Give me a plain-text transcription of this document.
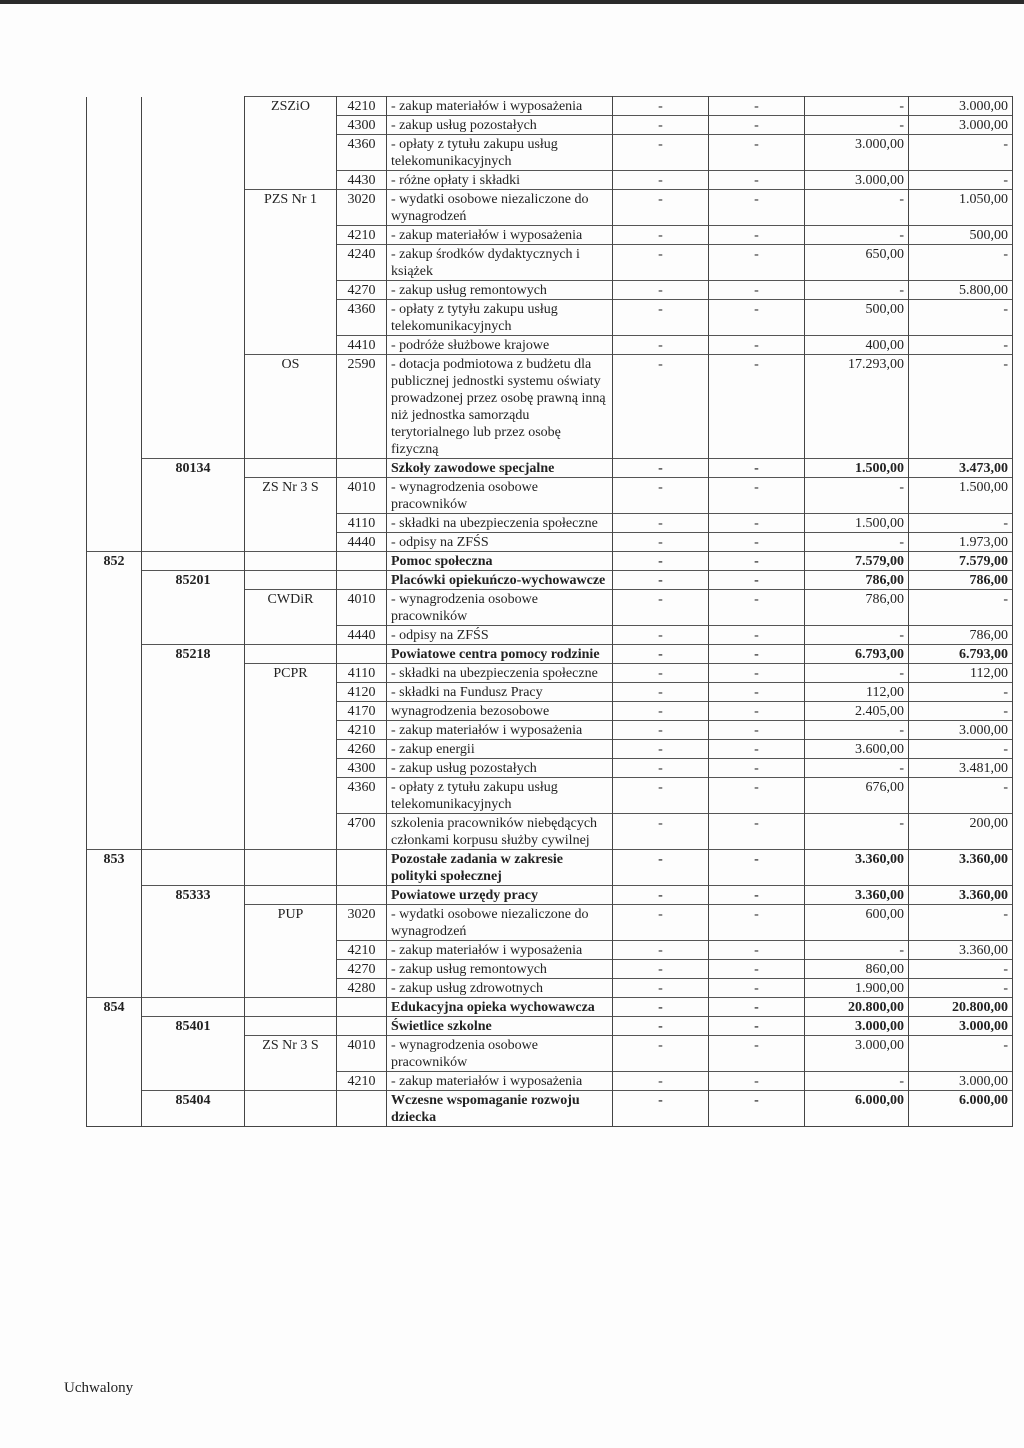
		ZSZiO	4210	- zakup materiałów i wyposażenia	-	-	-	3.000,00
			4300	- zakup usług pozostałych	-	-	-	3.000,00
			4360	- opłaty z tytułu zakupu usług telekomunikacyjnych	-	-	3.000,00	-
			4430	- różne opłaty i składki	-	-	3.000,00	-
		PZS Nr 1	3020	- wydatki osobowe niezaliczone do wynagrodzeń	-	-	-	1.050,00
			4210	- zakup materiałów i wyposażenia	-	-	-	500,00
			4240	- zakup środków dydaktycznych i książek	-	-	650,00	-
			4270	- zakup usług remontowych	-	-	-	5.800,00
			4360	- opłaty z tytyłu zakupu usług telekomunikacyjnych	-	-	500,00	-
			4410	- podróże służbowe krajowe	-	-	400,00	-
		OS	2590	- dotacja podmiotowa z budżetu dla publicznej jednostki systemu oświaty prowadzonej przez osobę prawną inną niż jednostka samorządu terytorialnego lub przez osobę fizyczną	-	-	17.293,00	-
	80134			Szkoły zawodowe specjalne	-	-	1.500,00	3.473,00
		ZS Nr 3 S	4010	- wynagrodzenia osobowe pracowników	-	-	-	1.500,00
			4110	- składki na ubezpieczenia społeczne	-	-	1.500,00	-
			4440	- odpisy na ZFŚS	-	-	-	1.973,00
852				Pomoc społeczna	-	-	7.579,00	7.579,00
	85201			Placówki opiekuńczo-wychowawcze	-	-	786,00	786,00
		CWDiR	4010	- wynagrodzenia osobowe pracowników	-	-	786,00	-
			4440	- odpisy na ZFŚS	-	-	-	786,00
	85218			Powiatowe centra pomocy rodzinie	-	-	6.793,00	6.793,00
		PCPR	4110	- składki na ubezpieczenia społeczne	-	-	-	112,00
			4120	- składki na Fundusz Pracy	-	-	112,00	-
			4170	wynagrodzenia bezosobowe	-	-	2.405,00	-
			4210	- zakup materiałów i wyposażenia	-	-	-	3.000,00
			4260	- zakup energii	-	-	3.600,00	-
			4300	- zakup usług pozostałych	-	-	-	3.481,00
			4360	- opłaty z tytułu zakupu usług telekomunikacyjnych	-	-	676,00	-
			4700	szkolenia pracowników niebędących członkami korpusu służby cywilnej	-	-	-	200,00
853				Pozostałe zadania w zakresie polityki społecznej	-	-	3.360,00	3.360,00
	85333			Powiatowe urzędy pracy	-	-	3.360,00	3.360,00
		PUP	3020	- wydatki osobowe niezaliczone do wynagrodzeń	-	-	600,00	-
			4210	- zakup materiałów i wyposażenia	-	-	-	3.360,00
			4270	- zakup usług remontowych	-	-	860,00	-
			4280	- zakup usług zdrowotnych	-	-	1.900,00	-
854				Edukacyjna opieka wychowawcza	-	-	20.800,00	20.800,00
	85401			Świetlice szkolne	-	-	3.000,00	3.000,00
		ZS Nr 3 S	4010	- wynagrodzenia osobowe pracowników	-	-	3.000,00	-
			4210	- zakup materiałów i wyposażenia	-	-	-	3.000,00
	85404			Wczesne wspomaganie rozwoju dziecka	-	-	6.000,00	6.000,00
Uchwalony
